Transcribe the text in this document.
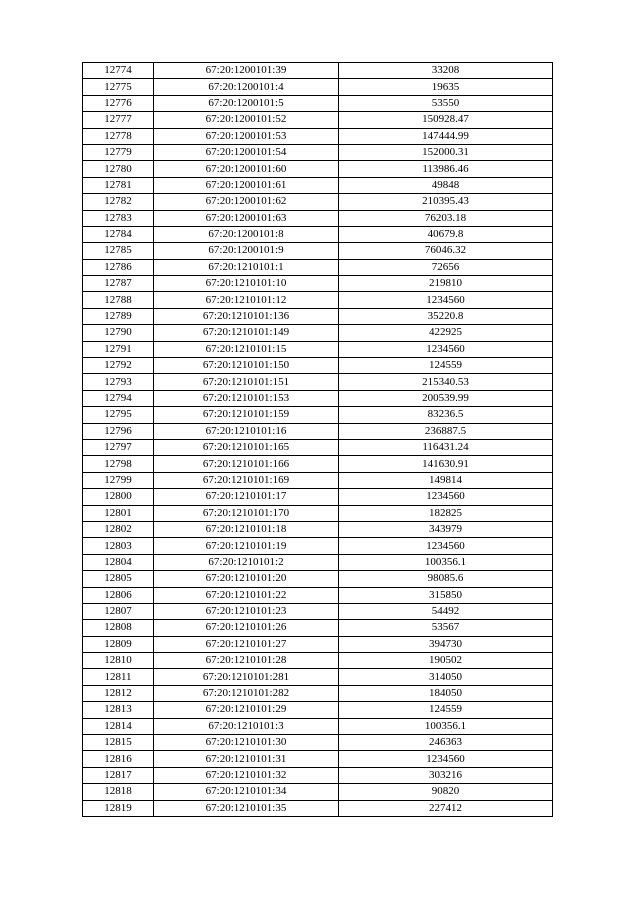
12774	67:20:1200101:39	33208
12775	67:20:1200101:4	19635
12776	67:20:1200101:5	53550
12777	67:20:1200101:52	150928.47
12778	67:20:1200101:53	147444.99
12779	67:20:1200101:54	152000.31
12780	67:20:1200101:60	113986.46
12781	67:20:1200101:61	49848
12782	67:20:1200101:62	210395.43
12783	67:20:1200101:63	76203.18
12784	67:20:1200101:8	40679.8
12785	67:20:1200101:9	76046.32
12786	67:20:1210101:1	72656
12787	67:20:1210101:10	219810
12788	67:20:1210101:12	1234560
12789	67:20:1210101:136	35220.8
12790	67:20:1210101:149	422925
12791	67:20:1210101:15	1234560
12792	67:20:1210101:150	124559
12793	67:20:1210101:151	215340.53
12794	67:20:1210101:153	200539.99
12795	67:20:1210101:159	83236.5
12796	67:20:1210101:16	236887.5
12797	67:20:1210101:165	116431.24
12798	67:20:1210101:166	141630.91
12799	67:20:1210101:169	149814
12800	67:20:1210101:17	1234560
12801	67:20:1210101:170	182825
12802	67:20:1210101:18	343979
12803	67:20:1210101:19	1234560
12804	67:20:1210101:2	100356.1
12805	67:20:1210101:20	98085.6
12806	67:20:1210101:22	315850
12807	67:20:1210101:23	54492
12808	67:20:1210101:26	53567
12809	67:20:1210101:27	394730
12810	67:20:1210101:28	190502
12811	67:20:1210101:281	314050
12812	67:20:1210101:282	184050
12813	67:20:1210101:29	124559
12814	67:20:1210101:3	100356.1
12815	67:20:1210101:30	246363
12816	67:20:1210101:31	1234560
12817	67:20:1210101:32	303216
12818	67:20:1210101:34	90820
12819	67:20:1210101:35	227412
